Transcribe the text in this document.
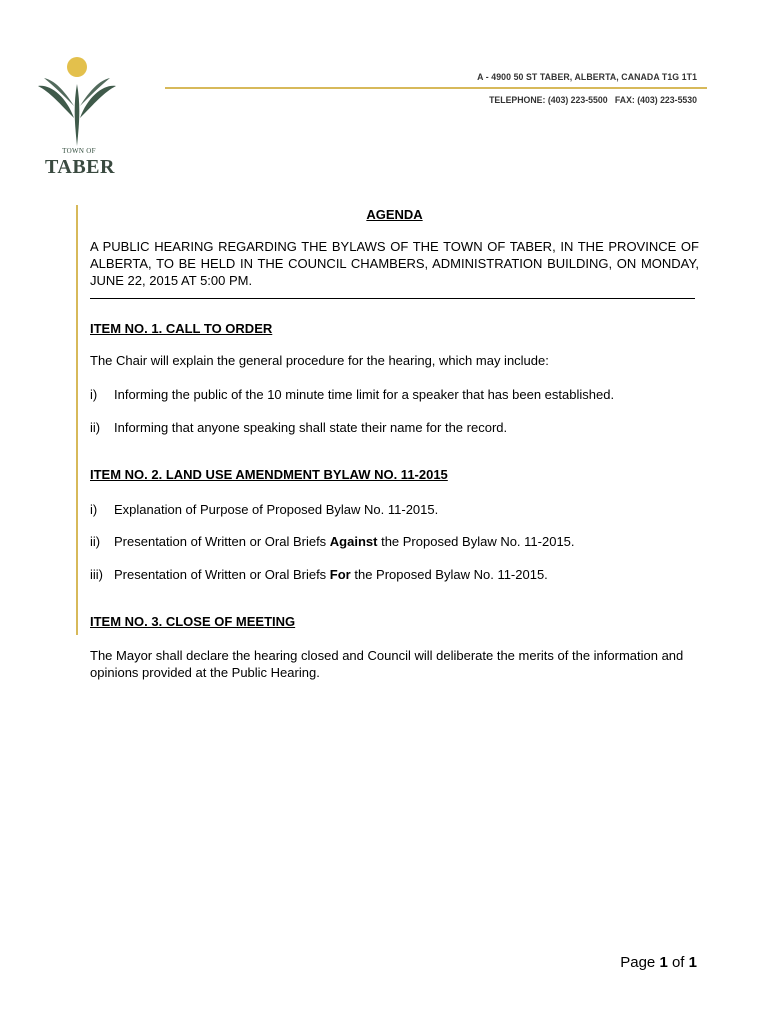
TOWN OF
TABER
A - 4900 50 ST TABER, ALBERTA, CANADA T1G 1T1
TELEPHONE: (403) 223-5500 FAX: (403) 223-5530
AGENDA
A PUBLIC HEARING REGARDING THE BYLAWS OF THE TOWN OF TABER, IN THE PROVINCE OF ALBERTA, TO BE HELD IN THE COUNCIL CHAMBERS, ADMINISTRATION BUILDING, ON MONDAY, JUNE 22, 2015 AT 5:00 PM.
ITEM NO. 1. CALL TO ORDER
The Chair will explain the general procedure for the hearing, which may include:
i) Informing the public of the 10 minute time limit for a speaker that has been established.
ii) Informing that anyone speaking shall state their name for the record.
ITEM NO. 2. LAND USE AMENDMENT BYLAW NO. 11-2015
i) Explanation of Purpose of Proposed Bylaw No. 11-2015.
ii) Presentation of Written or Oral Briefs Against the Proposed Bylaw No. 11-2015.
iii) Presentation of Written or Oral Briefs For the Proposed Bylaw No. 11-2015.
ITEM NO. 3. CLOSE OF MEETING
The Mayor shall declare the hearing closed and Council will deliberate the merits of the information and opinions provided at the Public Hearing.
Page 1 of 1
